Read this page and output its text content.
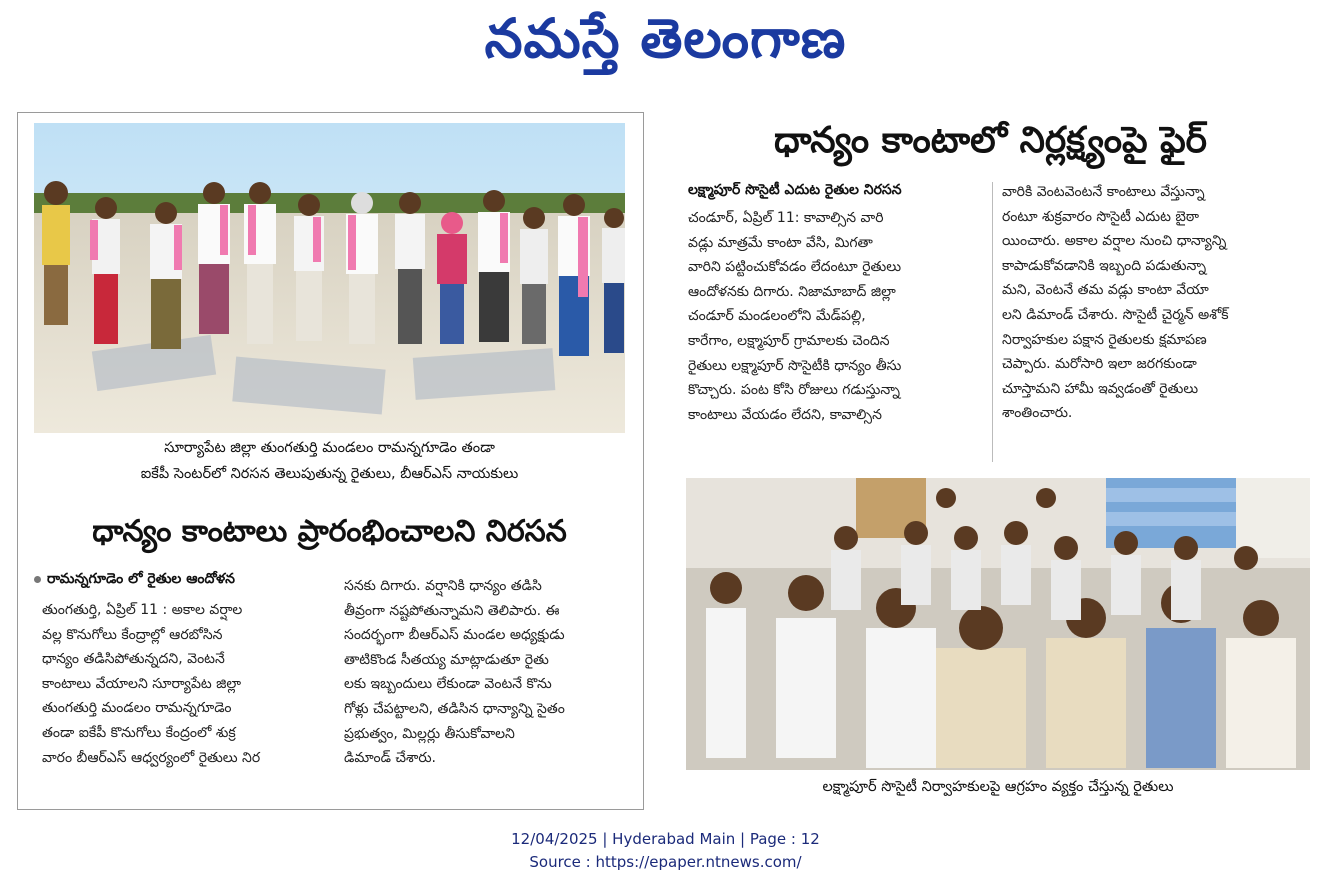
నమస్తే తెలంగాణ
సూర్యాపేట జిల్లా తుంగతుర్తి మండలం రామన్నగూడెం తండా
ఐకేపీ సెంటర్‌లో నిరసన తెలుపుతున్న రైతులు, బీఆర్‌ఎస్ నాయకులు
ధాన్యం కాంటాలు ప్రారంభించాలని నిరసన
రామన్నగూడెం లో రైతుల ఆందోళన

తుంగతుర్తి, ఏప్రిల్ 11 : అకాల వర్షాల

వల్ల కొనుగోలు కేంద్రాల్లో ఆరబోసిన

ధాన్యం తడిసిపోతున్నదని, వెంటనే

కాంటాలు వేయాలని సూర్యాపేట జిల్లా

తుంగతుర్తి మండలం రామన్నగూడెం

తండా ఐకేపీ కొనుగోలు కేంద్రంలో శుక్ర

వారం బీఆర్‌ఎస్ ఆధ్వర్యంలో రైతులు నిర

సనకు దిగారు. వర్షానికి ధాన్యం తడిసి

తీవ్రంగా నష్టపోతున్నామని తెలిపారు. ఈ

సందర్భంగా బీఆర్‌ఎస్ మండల అధ్యక్షుడు

తాటికొండ సీతయ్య మాట్లాడుతూ రైతు

లకు ఇబ్బందులు లేకుండా వెంటనే కొను

గోళ్లు చేపట్టాలని, తడిసిన ధాన్యాన్ని సైతం

ప్రభుత్వం, మిల్లర్లు తీసుకోవాలని

డిమాండ్ చేశారు.

ధాన్యం కాంటాలో నిర్లక్ష్యంపై ఫైర్
లక్ష్మాపూర్ సొసైటీ ఎదుట రైతుల నిరసన

చండూర్, ఏప్రిల్ 11: కావాల్సిన వారి

వడ్లు మాత్రమే కాంటా వేసి, మిగతా

వారిని పట్టించుకోవడం లేదంటూ రైతులు

ఆందోళనకు దిగారు. నిజామాబాద్ జిల్లా

చండూర్ మండలంలోని మేడ్‌పల్లి,

కారేగాం, లక్ష్మాపూర్ గ్రామాలకు చెందిన

రైతులు లక్ష్మాపూర్ సొసైటీకి ధాన్యం తీసు

కొచ్చారు. పంట కోసి రోజులు గడుస్తున్నా

కాంటాలు వేయడం లేదని, కావాల్సిన

వారికి వెంటవెంటనే కాంటాలు వేస్తున్నా

రంటూ శుక్రవారం సొసైటీ ఎదుట బైఠా

యించారు. అకాల వర్షాల నుంచి ధాన్యాన్ని

కాపాడుకోవడానికి ఇబ్బంది పడుతున్నా

మని, వెంటనే తమ వడ్లు కాంటా వేయా

లని డిమాండ్ చేశారు. సొసైటీ చైర్మన్ అశోక్

నిర్వాహకుల పక్షాన రైతులకు క్షమాపణ

చెప్పారు. మరోసారి ఇలా జరగకుండా

చూస్తామని హామీ ఇవ్వడంతో రైతులు

శాంతించారు.

లక్ష్మాపూర్ సొసైటీ నిర్వాహకులపై ఆగ్రహం వ్యక్తం చేస్తున్న రైతులు
12/04/2025 | Hyderabad Main | Page : 12
Source : https://epaper.ntnews.com/
